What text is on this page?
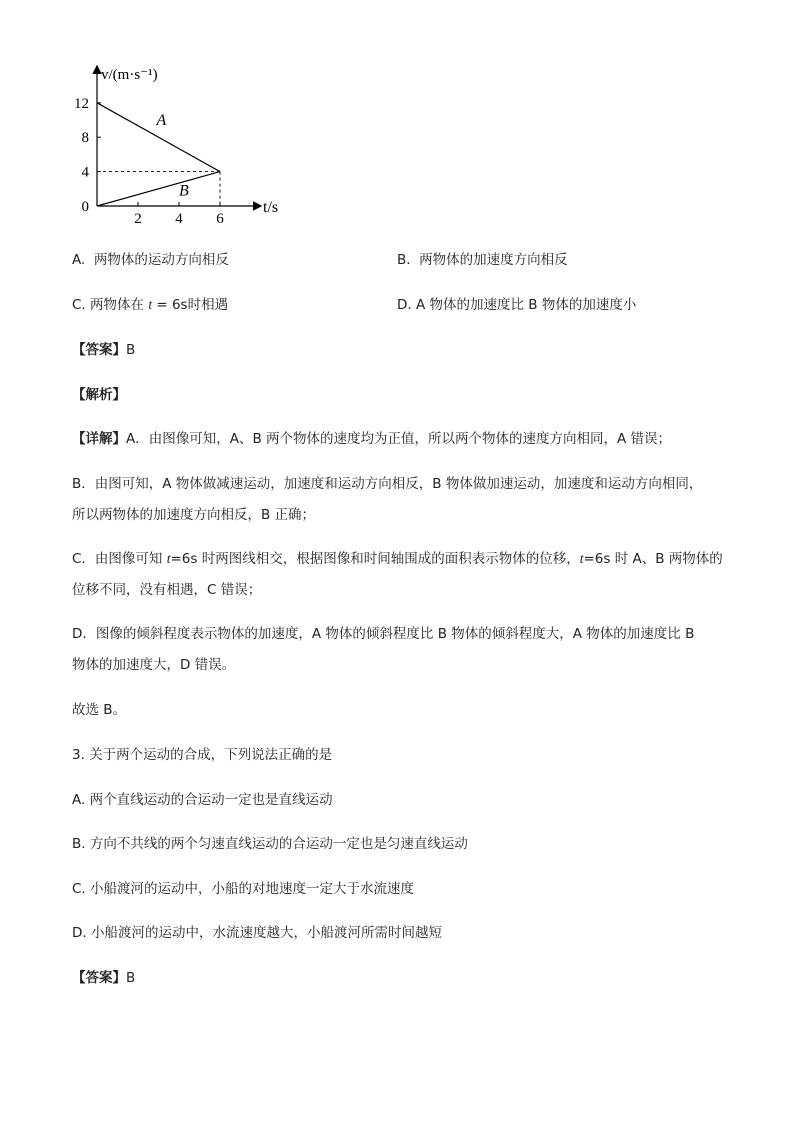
v/(m·s⁻¹)
t/s
0
4
8
12
2 4 6
A
B
A. 两物体的运动方向相反	B. 两物体的加速度方向相反
C. 两物体在 t = 6s时相遇	D. A 物体的加速度比 B 物体的加速度小
【答案】B
【解析】
【详解】A．由图像可知，A、B 两个物体的速度均为正值，所以两个物体的速度方向相同，A 错误；
B．由图可知，A 物体做减速运动，加速度和运动方向相反，B 物体做加速运动，加速度和运动方向相同，
所以两物体的加速度方向相反，B 正确；
C．由图像可知 t=6s 时两图线相交，根据图像和时间轴围成的面积表示物体的位移，t=6s 时 A、B 两物体的
位移不同，没有相遇，C 错误；
D．图像的倾斜程度表示物体的加速度，A 物体的倾斜程度比 B 物体的倾斜程度大，A 物体的加速度比 B
物体的加速度大，D 错误。
故选 B。
3. 关于两个运动的合成，下列说法正确的是
A. 两个直线运动的合运动一定也是直线运动
B. 方向不共线的两个匀速直线运动的合运动一定也是匀速直线运动
C. 小船渡河的运动中，小船的对地速度一定大于水流速度
D. 小船渡河的运动中，水流速度越大，小船渡河所需时间越短
【答案】B
